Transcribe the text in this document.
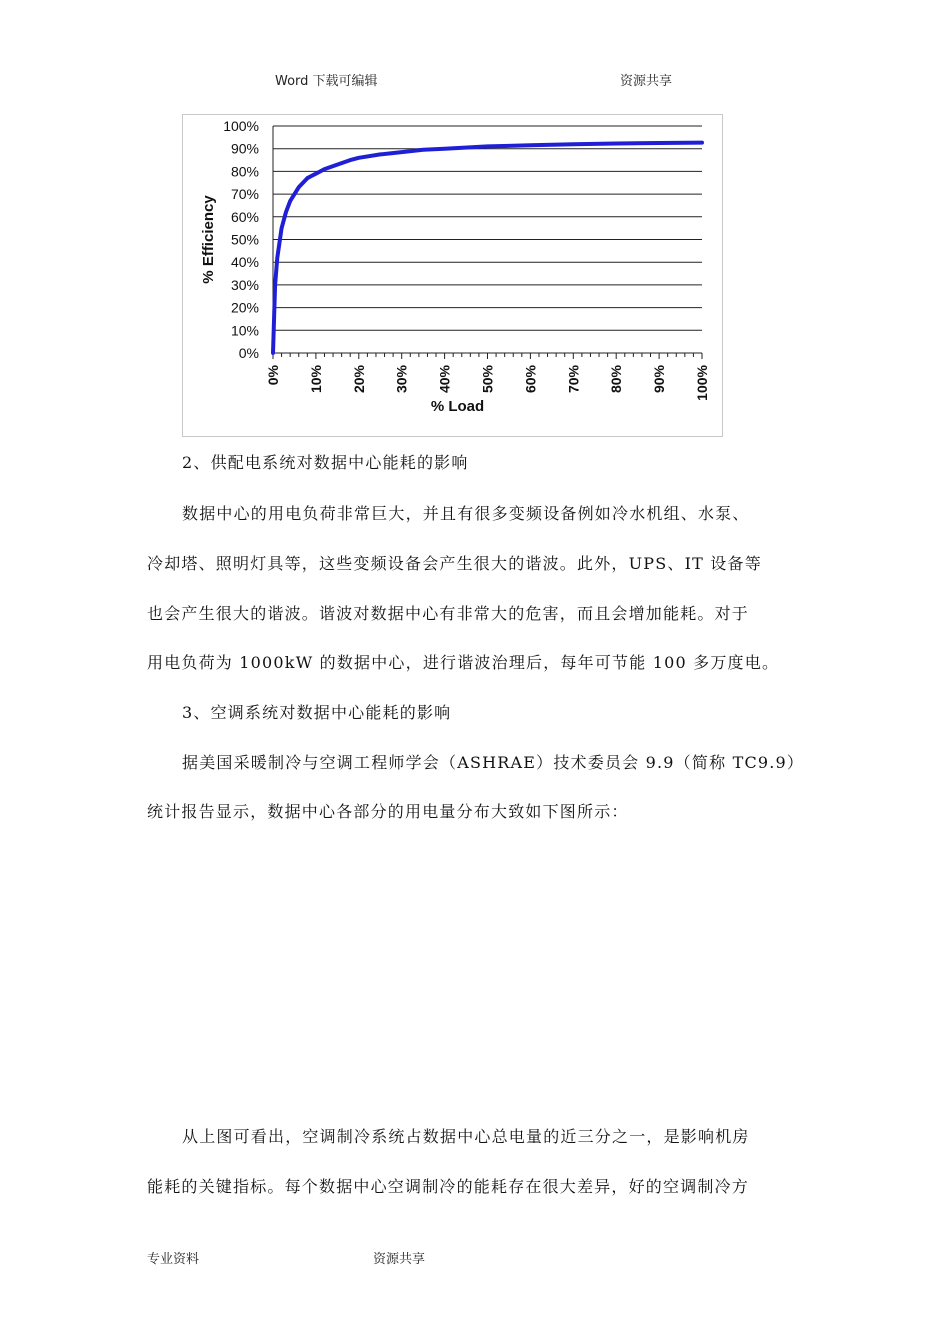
Word 下载可编辑	资源共享
0%
10%
20%
30%
40%
50%
60%
70%
80%
90%
100%
0% 10% 20% 30% 40% 50% 60% 70% 80% 90% 100%
% Load
% Efficiency
2、供配电系统对数据中心能耗的影响
数据中心的用电负荷非常巨大，并且有很多变频设备例如冷水机组、水泵、
冷却塔、照明灯具等，这些变频设备会产生很大的谐波。此外，UPS、IT 设备等
也会产生很大的谐波。谐波对数据中心有非常大的危害，而且会增加能耗。对于
用电负荷为 1000kW 的数据中心，进行谐波治理后，每年可节能 100 多万度电。
3、空调系统对数据中心能耗的影响
据美国采暖制冷与空调工程师学会（ASHRAE）技术委员会 9.9（简称 TC9.9）
统计报告显示，数据中心各部分的用电量分布大致如下图所示：
从上图可看出，空调制冷系统占数据中心总电量的近三分之一，是影响机房
能耗的关键指标。每个数据中心空调制冷的能耗存在很大差异，好的空调制冷方
专业资料	资源共享
